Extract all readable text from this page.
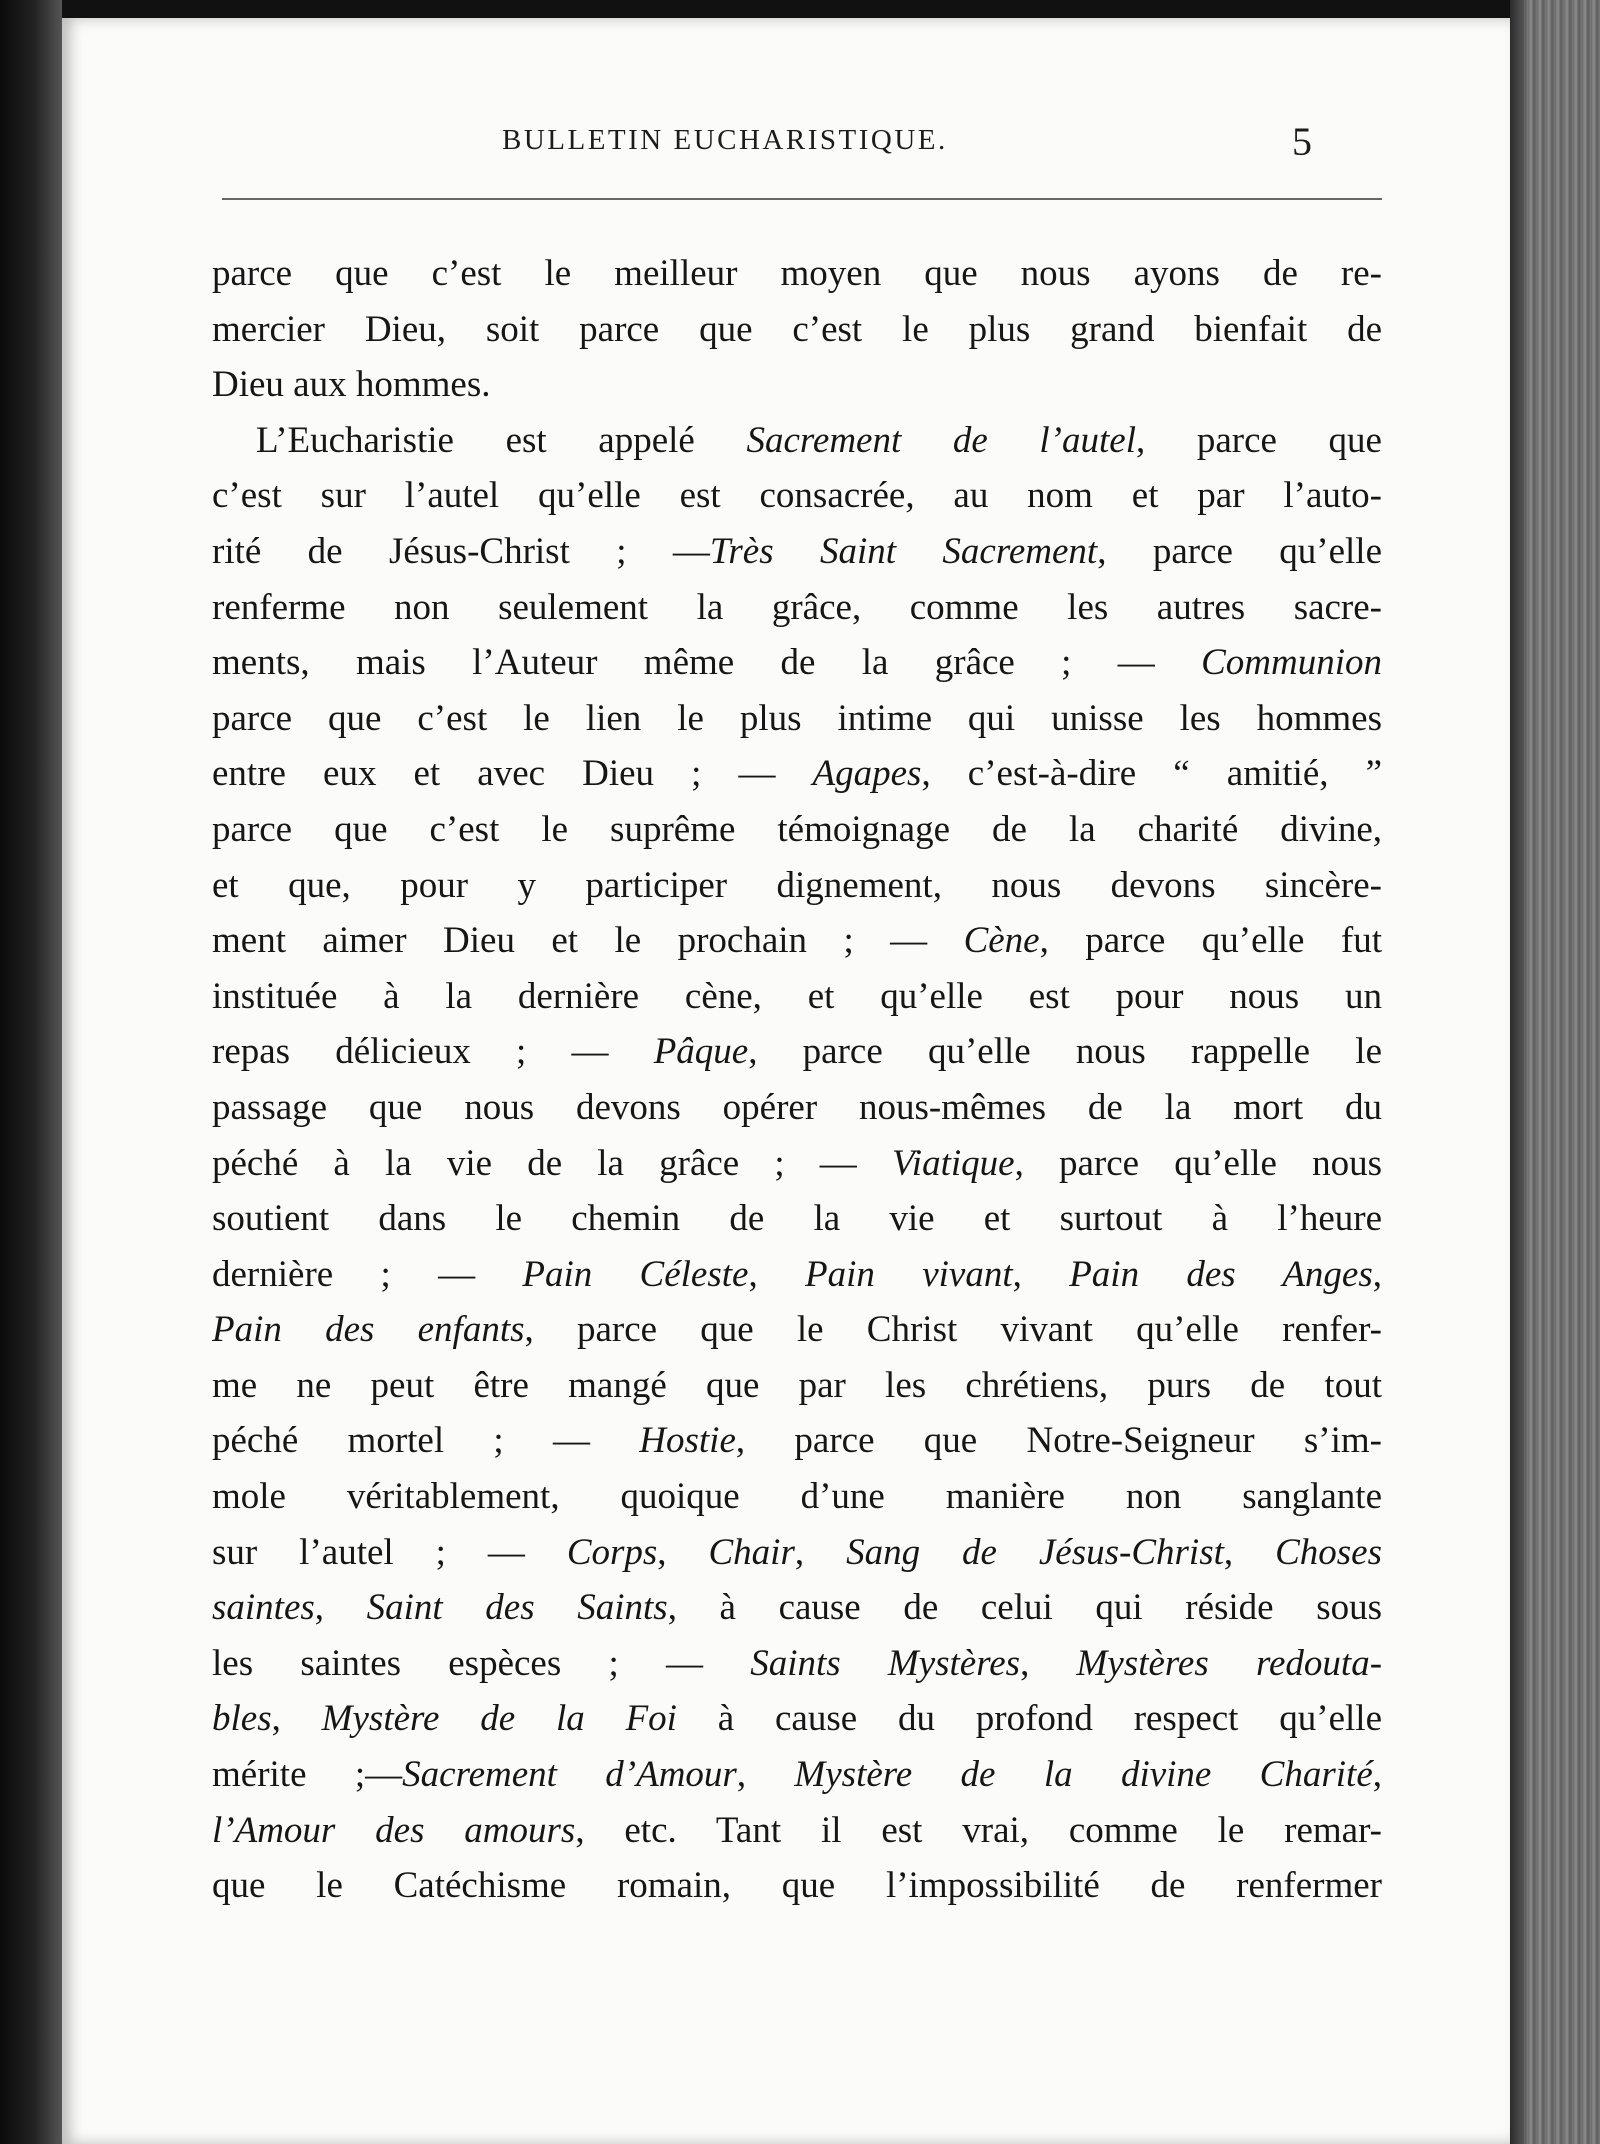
BULLETIN EUCHARISTIQUE.	5
parce que c’est le meilleur moyen que nous ayons de re-
mercier Dieu, soit parce que c’est le plus grand bienfait de
Dieu aux hommes.
L’Eucharistie est appelé Sacrement de l’autel, parce que
c’est sur l’autel qu’elle est consacrée, au nom et par l’auto-
rité de Jésus-Christ ; —Très Saint Sacrement, parce qu’elle
renferme non seulement la grâce, comme les autres sacre-
ments, mais l’Auteur même de la grâce ; — Communion
parce que c’est le lien le plus intime qui unisse les hommes
entre eux et avec Dieu ; — Agapes, c’est-à-dire “ amitié, ”
parce que c’est le suprême témoignage de la charité divine,
et que, pour y participer dignement, nous devons sincère-
ment aimer Dieu et le prochain ; — Cène, parce qu’elle fut
instituée à la dernière cène, et qu’elle est pour nous un
repas délicieux ; — Pâque, parce qu’elle nous rappelle le
passage que nous devons opérer nous-mêmes de la mort du
péché à la vie de la grâce ; — Viatique, parce qu’elle nous
soutient dans le chemin de la vie et surtout à l’heure
dernière ; — Pain Céleste, Pain vivant, Pain des Anges,
Pain des enfants, parce que le Christ vivant qu’elle renfer-
me ne peut être mangé que par les chrétiens, purs de tout
péché mortel ; — Hostie, parce que Notre-Seigneur s’im-
mole véritablement, quoique d’une manière non sanglante
sur l’autel ; — Corps, Chair, Sang de Jésus-Christ, Choses
saintes, Saint des Saints, à cause de celui qui réside sous
les saintes espèces ; — Saints Mystères, Mystères redouta-
bles, Mystère de la Foi à cause du profond respect qu’elle
mérite ;—Sacrement d’Amour, Mystère de la divine Charité,
l’Amour des amours, etc. Tant il est vrai, comme le remar-
que le Catéchisme romain, que l’impossibilité de renfermer
